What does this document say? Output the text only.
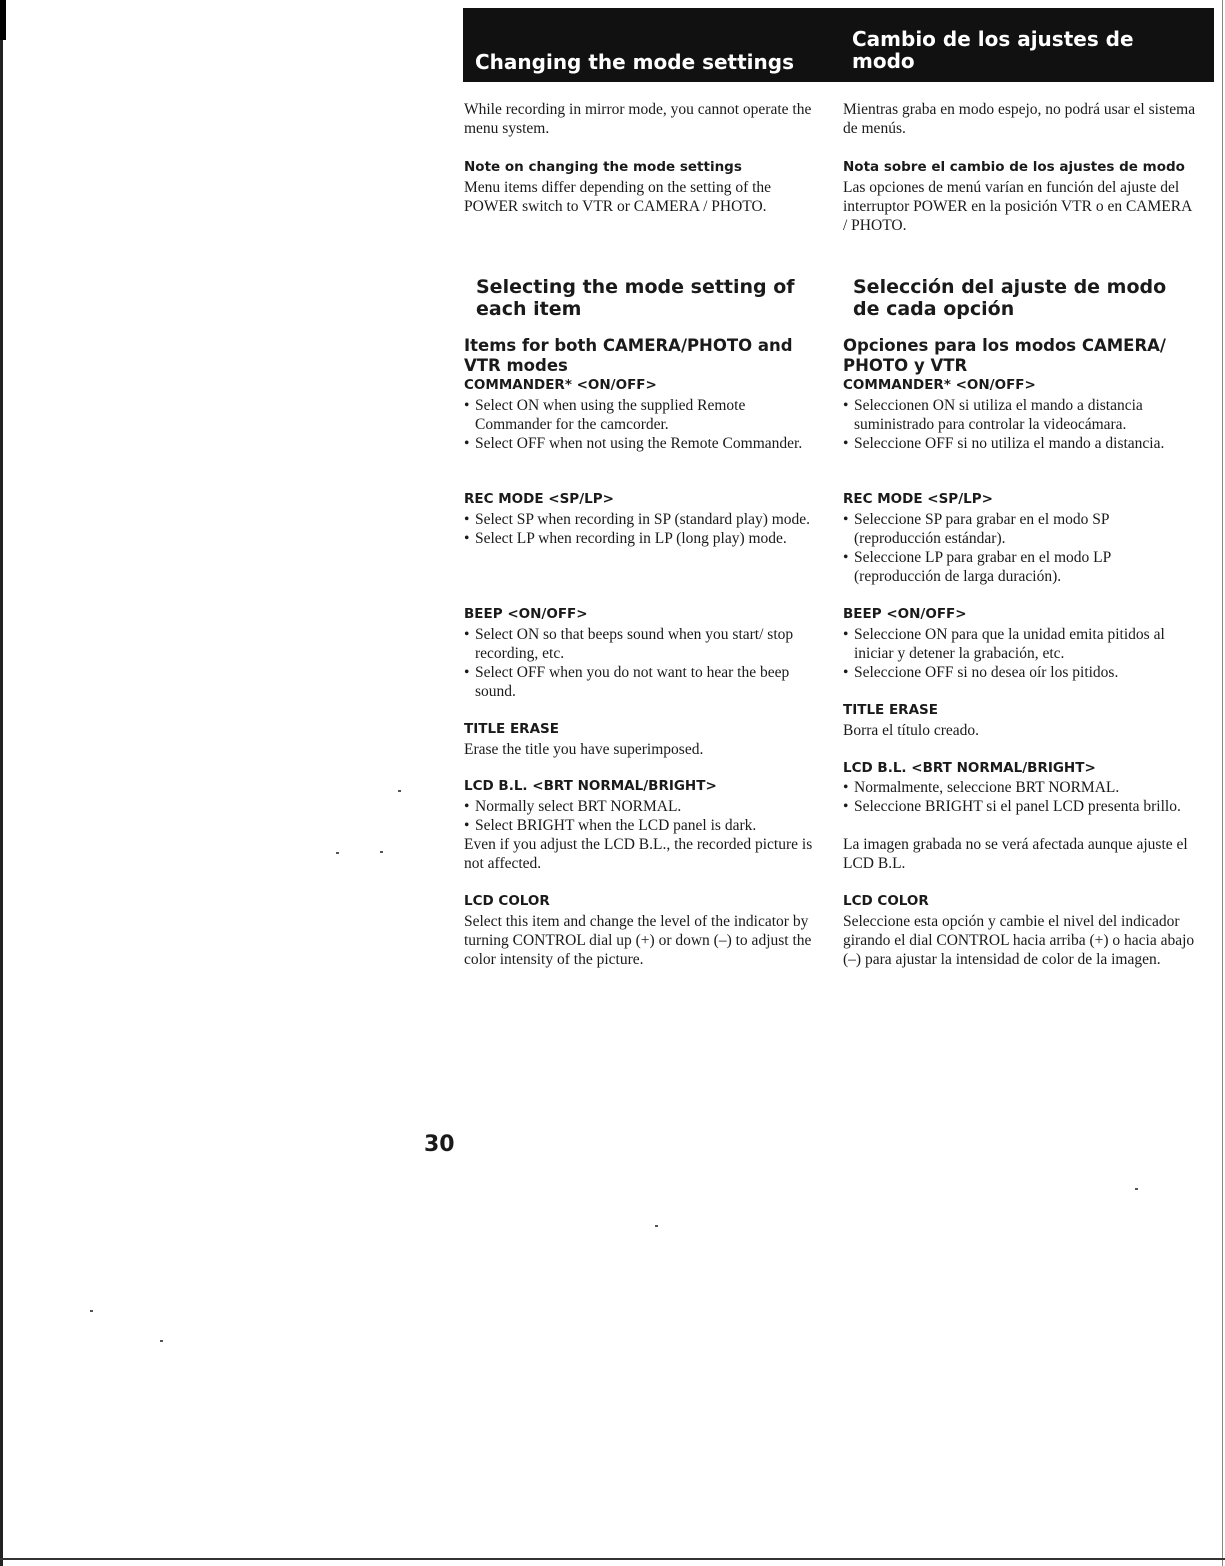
Changing the mode settings
Cambio de los ajustes de modo

While recording in mirror mode, you cannot operate the menu system.

Note on changing the mode settings

Menu items differ depending on the setting of the POWER switch to VTR or CAMERA / PHOTO.

Selecting the mode setting of each item
Items for both CAMERA/PHOTO and VTR modes

COMMANDER* <ON/OFF>

• Select ON when using the supplied Remote Commander for the camcorder.
• Select OFF when not using the Remote Commander.

REC MODE <SP/LP>

• Select SP when recording in SP (standard play) mode.
• Select LP when recording in LP (long play) mode.

BEEP <ON/OFF>

• Select ON so that beeps sound when you start/ stop recording, etc.
• Select OFF when you do not want to hear the beep sound.

TITLE ERASE

Erase the title you have superimposed.

LCD B.L. <BRT NORMAL/BRIGHT>

• Normally select BRT NORMAL.
• Select BRIGHT when the LCD panel is dark.

Even if you adjust the LCD B.L., the recorded picture is not affected.

LCD COLOR

Select this item and change the level of the indicator by turning CONTROL dial up (+) or down (–) to adjust the color intensity of the picture.

Mientras graba en modo espejo, no podrá usar el sistema de menús.

Nota sobre el cambio de los ajustes de modo

Las opciones de menú varían en función del ajuste del interruptor POWER en la posición VTR o en CAMERA / PHOTO.

Selección del ajuste de modo de cada opción
Opciones para los modos CAMERA/ PHOTO y VTR

COMMANDER* <ON/OFF>

• Seleccionen ON si utiliza el mando a distancia suministrado para controlar la videocámara.
• Seleccione OFF si no utiliza el mando a distancia.

REC MODE <SP/LP>

• Seleccione SP para grabar en el modo SP (reproducción estándar).
• Seleccione LP para grabar en el modo LP (reproducción de larga duración).

BEEP <ON/OFF>

• Seleccione ON para que la unidad emita pitidos al iniciar y detener la grabación, etc.
• Seleccione OFF si no desea oír los pitidos.

TITLE ERASE

Borra el título creado.

LCD B.L. <BRT NORMAL/BRIGHT>

• Normalmente, seleccione BRT NORMAL.
• Seleccione BRIGHT si el panel LCD presenta brillo.

La imagen grabada no se verá afectada aunque ajuste el LCD B.L.

LCD COLOR

Seleccione esta opción y cambie el nivel del indicador girando el dial CONTROL hacia arriba (+) o hacia abajo (–) para ajustar la intensidad de color de la imagen.

30
